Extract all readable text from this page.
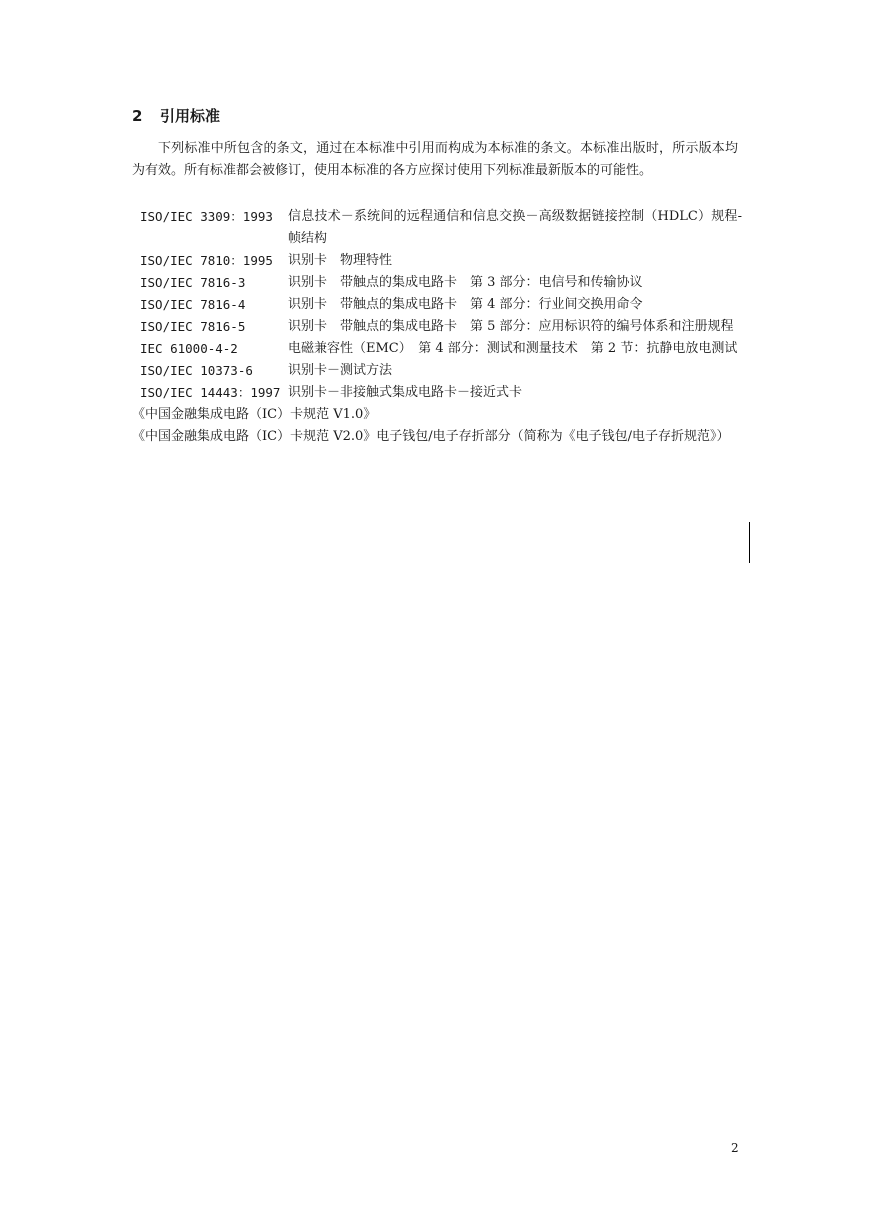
2 引用标准
下列标准中所包含的条文，通过在本标准中引用而构成为本标准的条文。本标准出版时，所示版本均为有效。所有标准都会被修订，使用本标准的各方应探讨使用下列标准最新版本的可能性。
ISO/IEC 3309：1993	信息技术－系统间的远程通信和信息交换－高级数据链接控制（HDLC）规程-帧结构
ISO/IEC 7810：1995	识别卡　物理特性
ISO/IEC 7816-3	识别卡　带触点的集成电路卡　第 3 部分：电信号和传输协议
ISO/IEC 7816-4	识别卡　带触点的集成电路卡　第 4 部分：行业间交换用命令
ISO/IEC 7816-5	识别卡　带触点的集成电路卡　第 5 部分：应用标识符的编号体系和注册规程
IEC 61000-4-2	电磁兼容性（EMC）　第 4 部分：测试和测量技术　第 2 节：抗静电放电测试
ISO/IEC 10373-6	识别卡－测试方法
ISO/IEC 14443：1997 识别卡－非接触式集成电路卡－接近式卡
《中国金融集成电路（IC）卡规范 V1.0》
《中国金融集成电路（IC）卡规范 V2.0》电子钱包/电子存折部分（简称为《电子钱包/电子存折规范》）
2
